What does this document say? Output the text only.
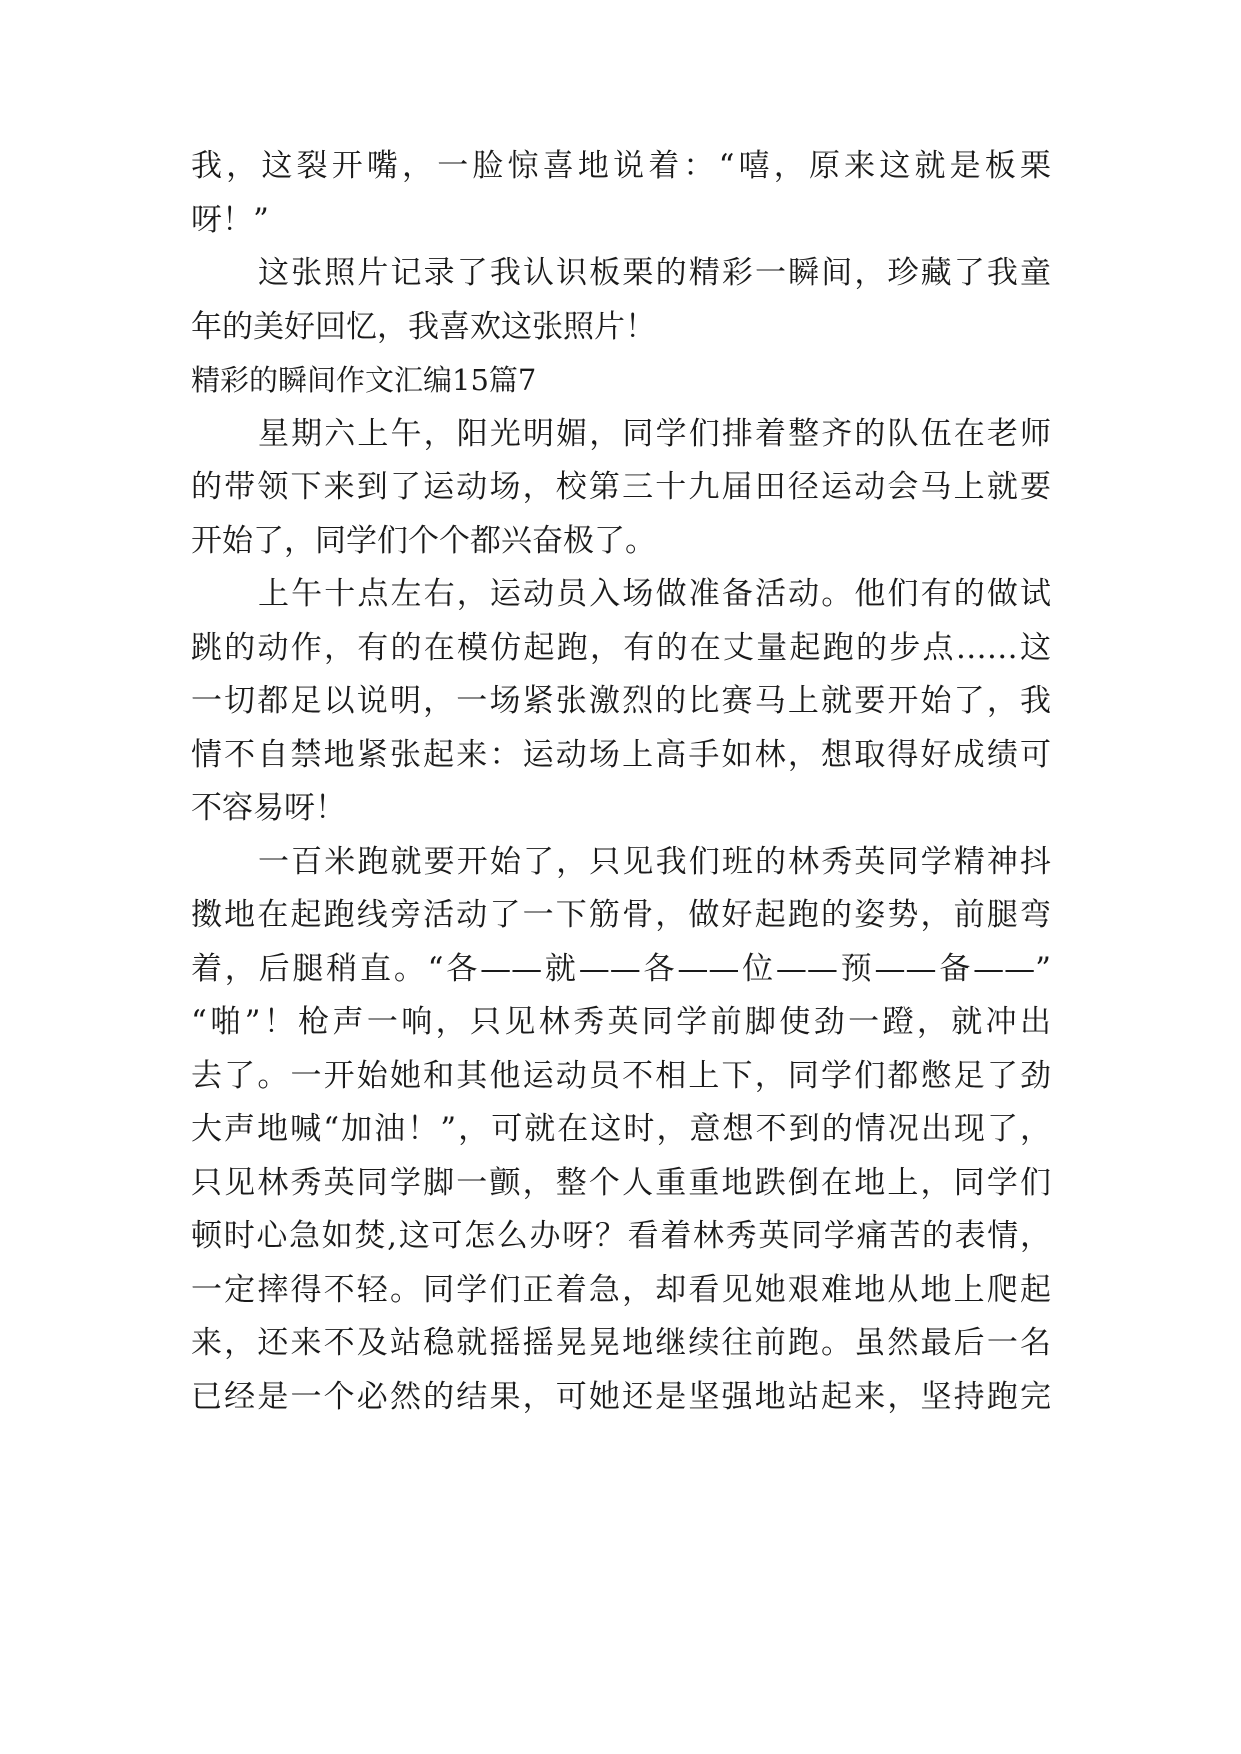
我，这裂开嘴，一脸惊喜地说着：“嘻，原来这就是板栗
呀！”
这张照片记录了我认识板栗的精彩一瞬间，珍藏了我童
年的美好回忆，我喜欢这张照片！
精彩的瞬间作文汇编15篇7
星期六上午，阳光明媚，同学们排着整齐的队伍在老师
的带领下来到了运动场，校第三十九届田径运动会马上就要
开始了，同学们个个都兴奋极了。
上午十点左右，运动员入场做准备活动。他们有的做试
跳的动作，有的在模仿起跑，有的在丈量起跑的步点……这
一切都足以说明，一场紧张激烈的比赛马上就要开始了，我
情不自禁地紧张起来：运动场上高手如林，想取得好成绩可
不容易呀！
一百米跑就要开始了，只见我们班的林秀英同学精神抖
擞地在起跑线旁活动了一下筋骨，做好起跑的姿势，前腿弯
着，后腿稍直。“各——就——各——位——预——备——”
“啪”！枪声一响，只见林秀英同学前脚使劲一蹬，就冲出
去了。一开始她和其他运动员不相上下，同学们都憋足了劲
大声地喊“加油！”，可就在这时，意想不到的情况出现了，
只见林秀英同学脚一颤，整个人重重地跌倒在地上，同学们
顿时心急如焚,这可怎么办呀？看着林秀英同学痛苦的表情，
一定摔得不轻。同学们正着急，却看见她艰难地从地上爬起
来，还来不及站稳就摇摇晃晃地继续往前跑。虽然最后一名
已经是一个必然的结果，可她还是坚强地站起来，坚持跑完
